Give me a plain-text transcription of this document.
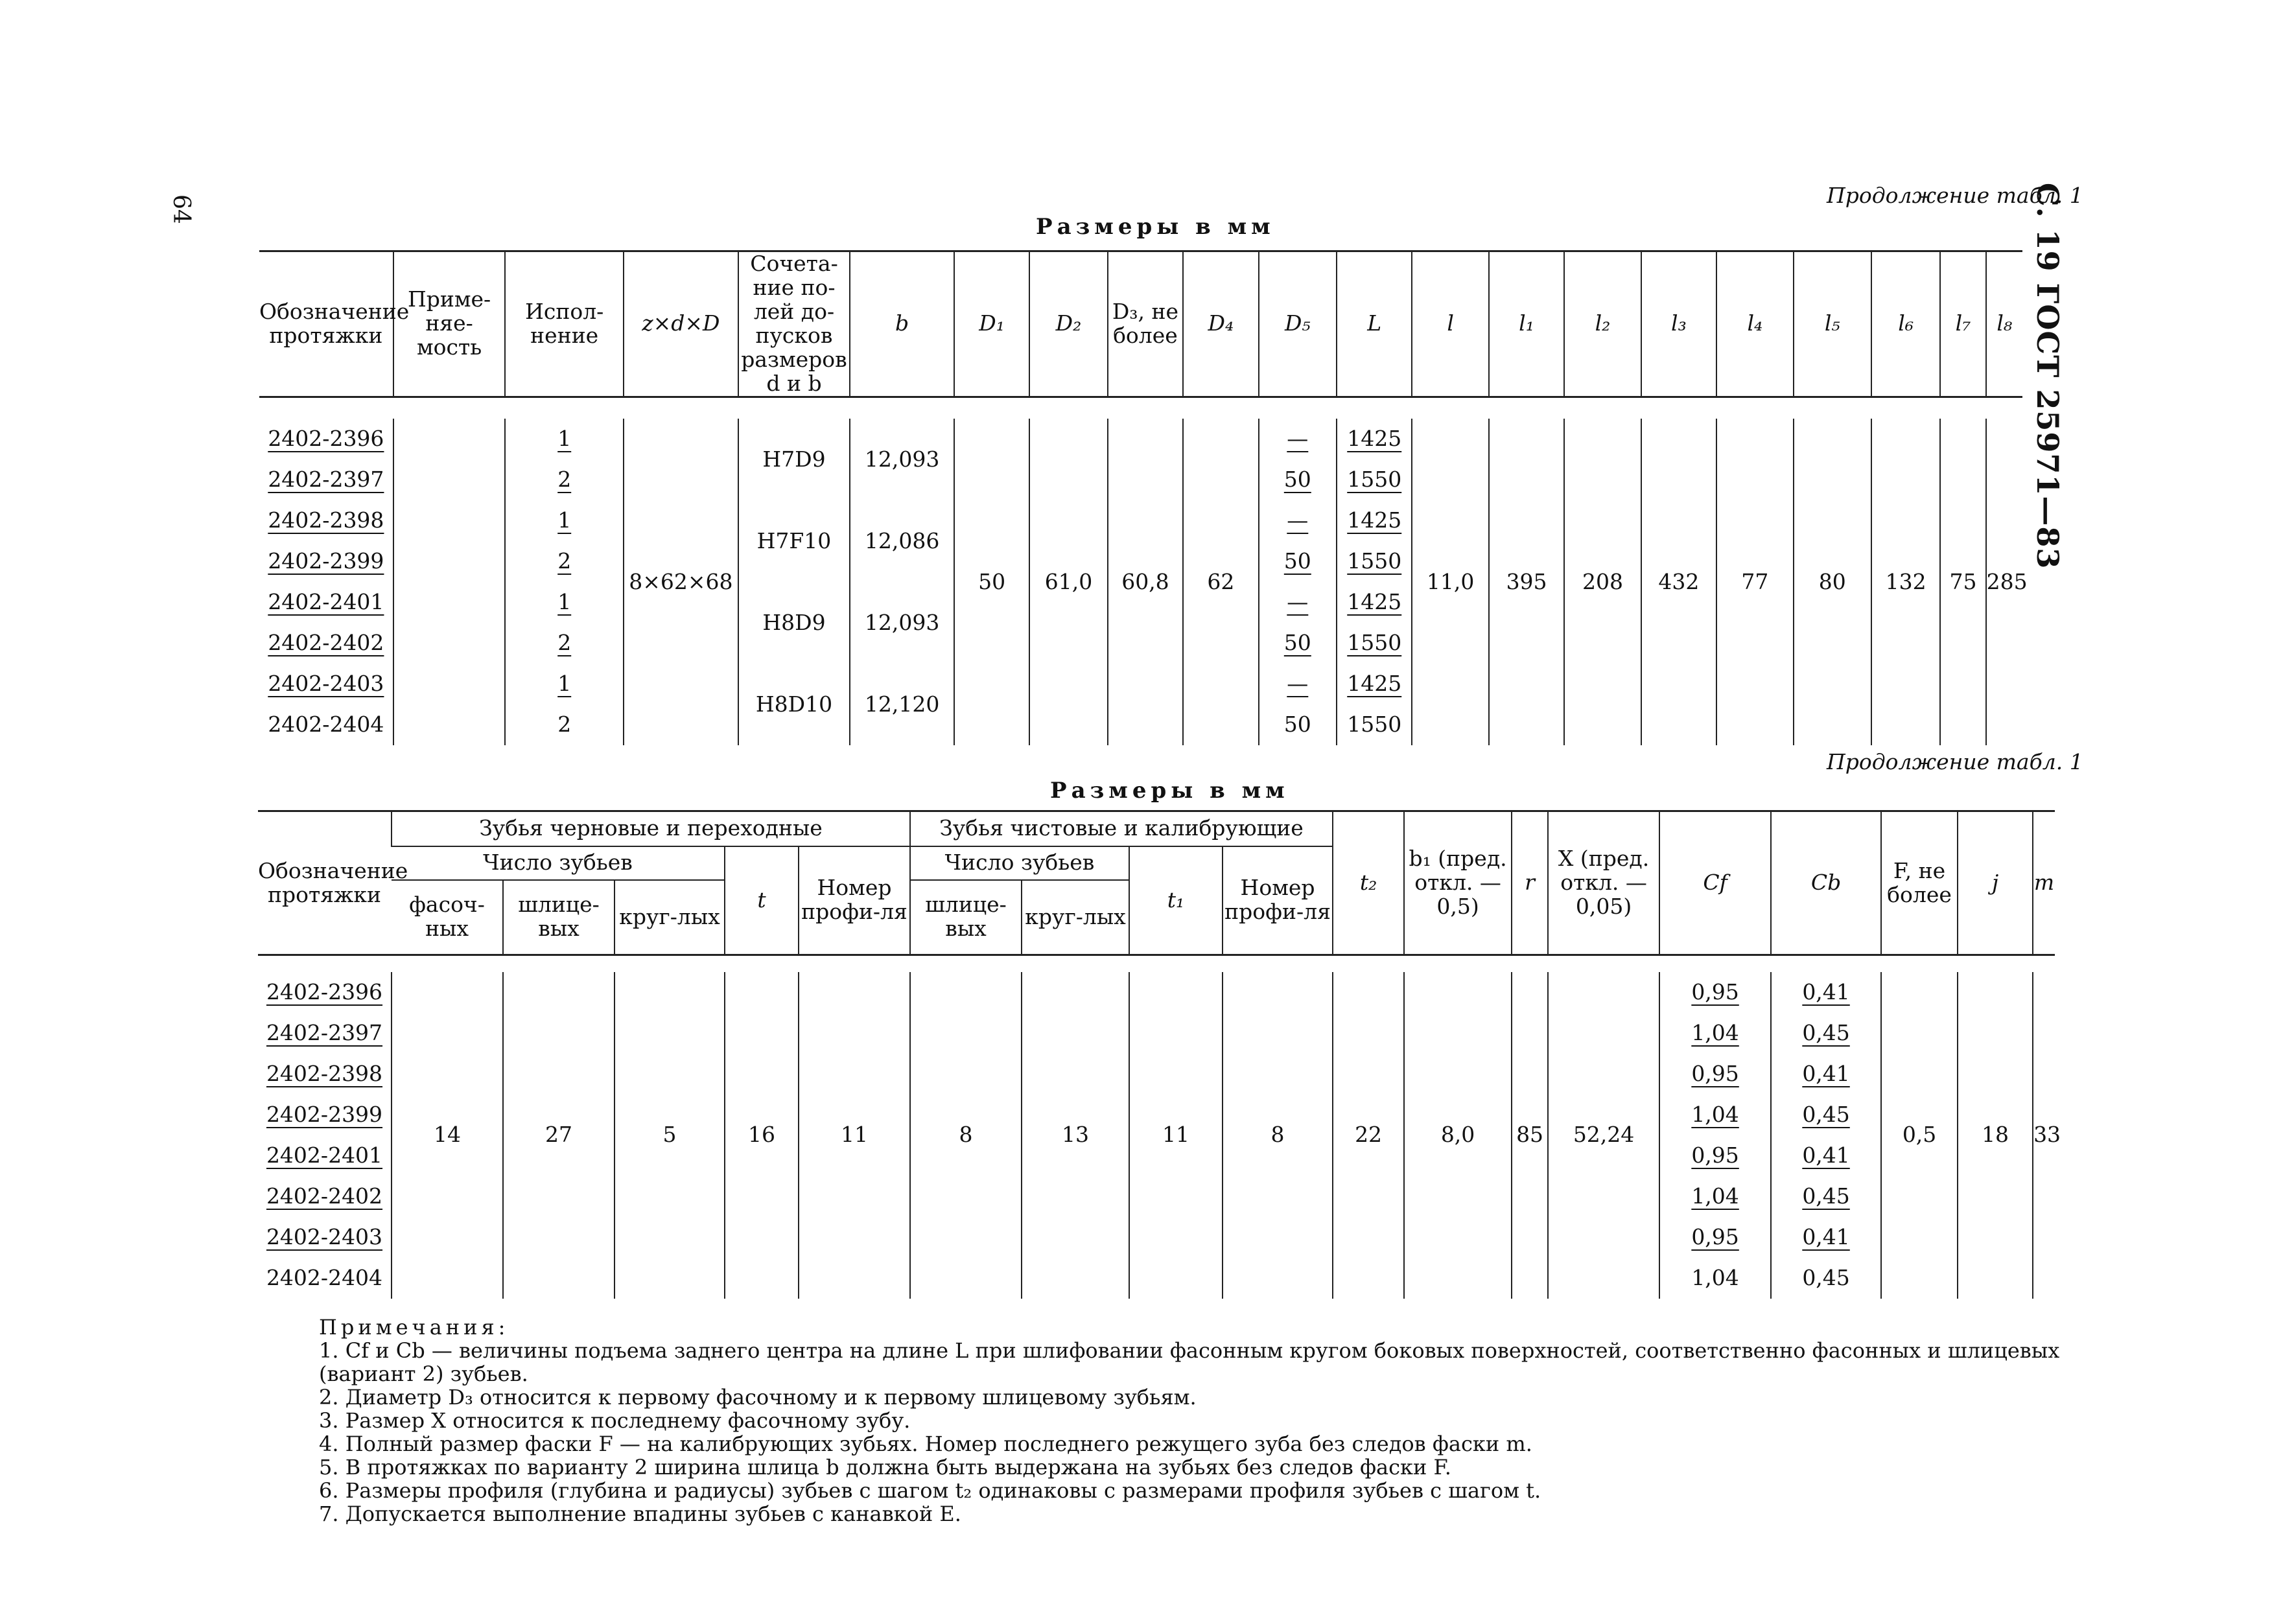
64	С. 19 ГОСТ 25971—83
Продолжение табл. 1
Размеры в мм
Обозначение протяжки	Приме-няе-мость	Испол-нение	z×d×D	Сочета-ние по-лей до-пусков размеров d и b	b	D₁	D₂	D₃, не более	D₄	D₅	L	l	l₁	l₂	l₃	l₄	l₅	l₆	l₇	l₈

2402-2396		1	8×62×68	H7D9	12,093	50	61,0	60,8	62	—	1425	11,0	395	208	432	77	80	132	75	285
2402-2397		2								50	1550									
2402-2398		1		H7F10	12,086					—	1425									
2402-2399		2								50	1550									
2402-2401		1		H8D9	12,093					—	1425									
2402-2402		2								50	1550									
2402-2403		1		H8D10	12,120					—	1425									
2402-2404		2								50	1550									
Продолжение табл. 1
Размеры в мм
Обозначение протяжки	Зубья черновые и переходные					Зубья чистовые и калибрующие				t₂	b₁ (пред. откл. —0,5)	r	X (пред. откл. —0,05)	Cf	Cb	F, не более	j	m
	Число зубьев			t	Номер профи-ля	Число зубьев		t₁	Номер профи-ля									
	фасоч-ных	шлице-вых	круг-лых			шлице-вых	круг-лых											

2402-2396	14	27	5	16	11	8	13	11	8	22	8,0	85	52,24	0,95	0,41	0,5	18	33
2402-2397														1,04	0,45			
2402-2398														0,95	0,41			
2402-2399														1,04	0,45			
2402-2401														0,95	0,41			
2402-2402														1,04	0,45			
2402-2403														0,95	0,41			
2402-2404														1,04	0,45			

Примечания:

1. Cf и Cb — величины подъема заднего центра на длине L при шлифовании фасонным кругом боковых поверхностей, соответственно фасонных и шлицевых (вариант 2) зубьев.

2. Диаметр D₃ относится к первому фасочному и к первому шлицевому зубьям.

3. Размер X относится к последнему фасочному зубу.

4. Полный размер фаски F — на калибрующих зубьях. Номер последнего режущего зуба без следов фаски m.

5. В протяжках по варианту 2 ширина шлица b должна быть выдержана на зубьях без следов фаски F.

6. Размеры профиля (глубина и радиусы) зубьев с шагом t₂ одинаковы с размерами профиля зубьев с шагом t.

7. Допускается выполнение впадины зубьев с канавкой E.
